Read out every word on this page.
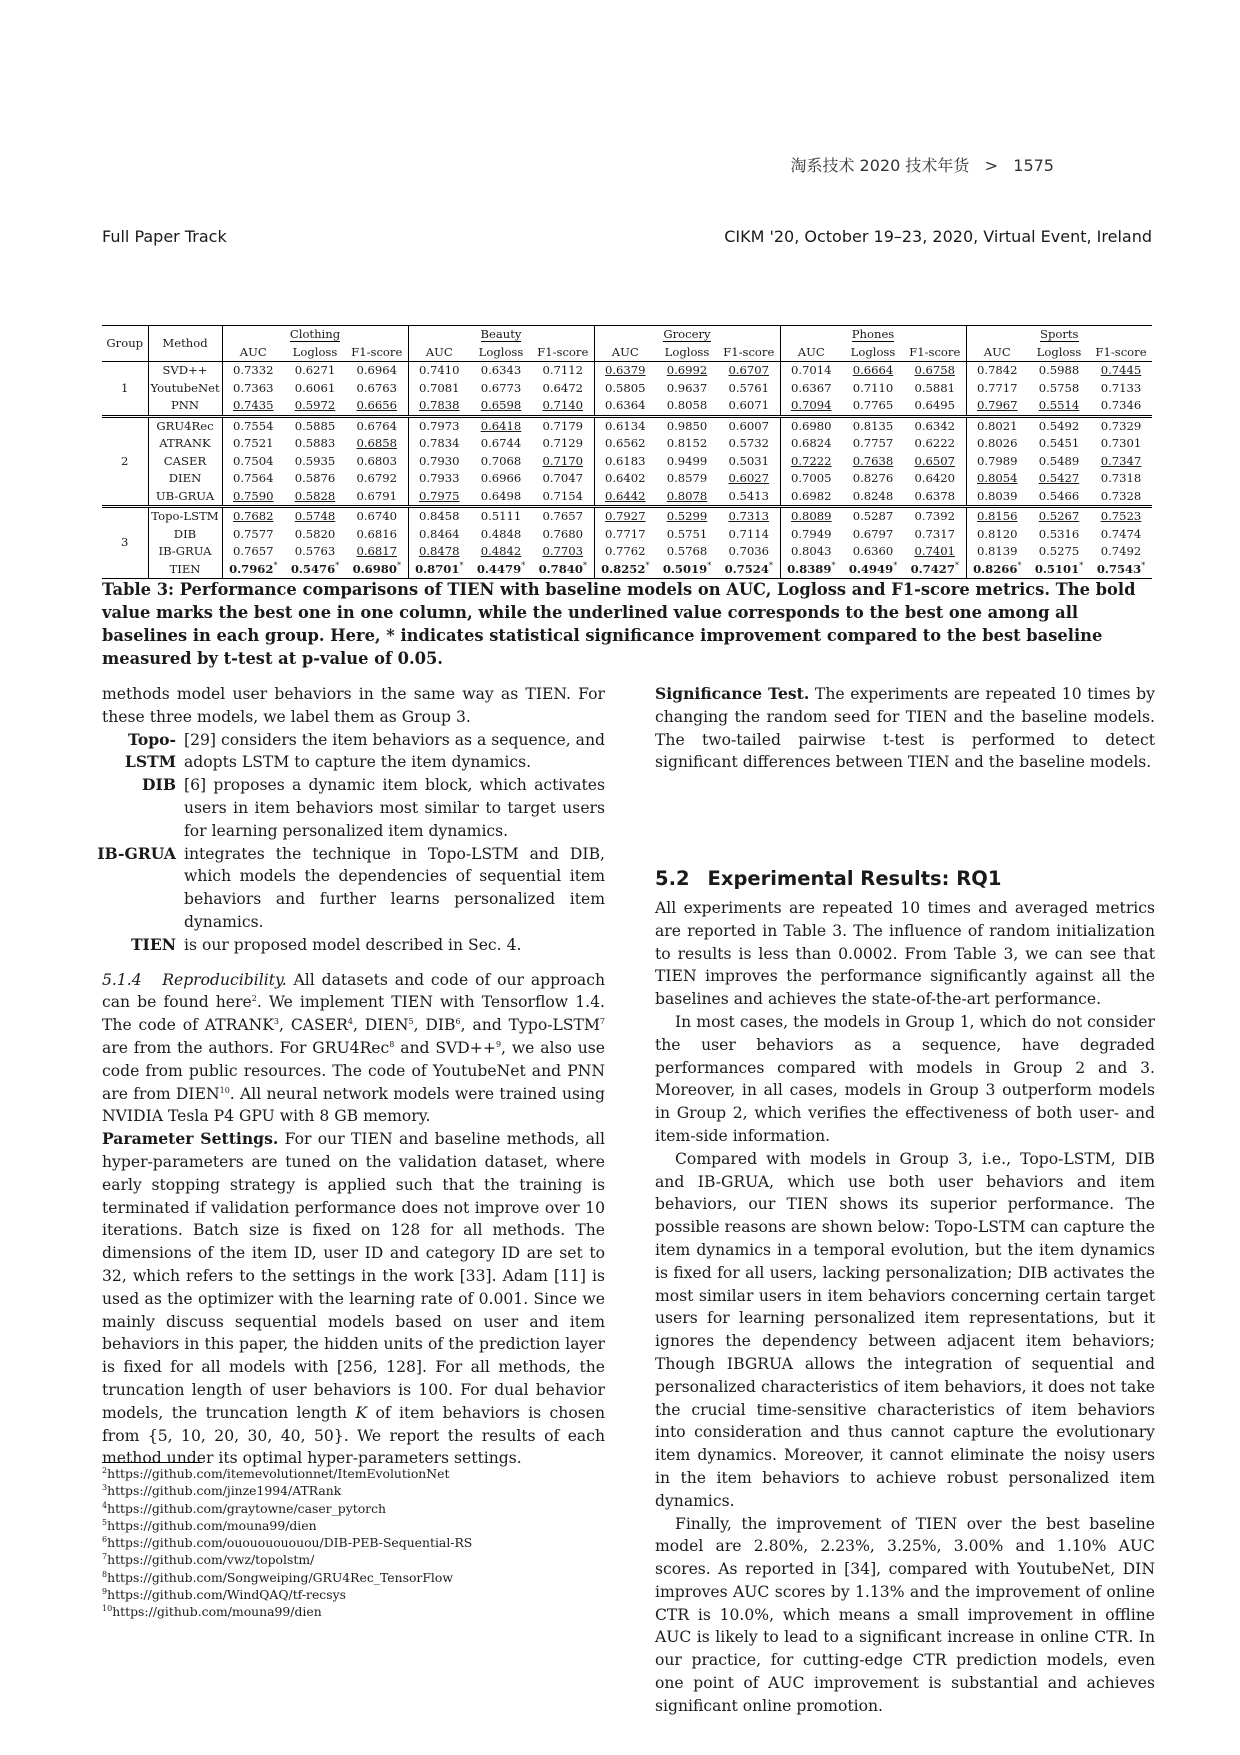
淘系技术 2020 技术年货   >   1575
Full Paper Track	CIKM '20, October 19–23, 2020, Virtual Event, Ireland
Group	Method	Clothing			Beauty			Grocery			Phones			Sports		
		AUC	Logloss	F1-score	AUC	Logloss	F1-score	AUC	Logloss	F1-score	AUC	Logloss	F1-score	AUC	Logloss	F1-score
1	SVD++	0.7332	0.6271	0.6964	0.7410	0.6343	0.7112	0.6379	0.6992	0.6707	0.7014	0.6664	0.6758	0.7842	0.5988	0.7445
	YoutubeNet	0.7363	0.6061	0.6763	0.7081	0.6773	0.6472	0.5805	0.9637	0.5761	0.6367	0.7110	0.5881	0.7717	0.5758	0.7133
	PNN	0.7435	0.5972	0.6656	0.7838	0.6598	0.7140	0.6364	0.8058	0.6071	0.7094	0.7765	0.6495	0.7967	0.5514	0.7346
2	GRU4Rec	0.7554	0.5885	0.6764	0.7973	0.6418	0.7179	0.6134	0.9850	0.6007	0.6980	0.8135	0.6342	0.8021	0.5492	0.7329
	ATRANK	0.7521	0.5883	0.6858	0.7834	0.6744	0.7129	0.6562	0.8152	0.5732	0.6824	0.7757	0.6222	0.8026	0.5451	0.7301
	CASER	0.7504	0.5935	0.6803	0.7930	0.7068	0.7170	0.6183	0.9499	0.5031	0.7222	0.7638	0.6507	0.7989	0.5489	0.7347
	DIEN	0.7564	0.5876	0.6792	0.7933	0.6966	0.7047	0.6402	0.8579	0.6027	0.7005	0.8276	0.6420	0.8054	0.5427	0.7318
	UB-GRUA	0.7590	0.5828	0.6791	0.7975	0.6498	0.7154	0.6442	0.8078	0.5413	0.6982	0.8248	0.6378	0.8039	0.5466	0.7328
3	Topo-LSTM	0.7682	0.5748	0.6740	0.8458	0.5111	0.7657	0.7927	0.5299	0.7313	0.8089	0.5287	0.7392	0.8156	0.5267	0.7523
	DIB	0.7577	0.5820	0.6816	0.8464	0.4848	0.7680	0.7717	0.5751	0.7114	0.7949	0.6797	0.7317	0.8120	0.5316	0.7474
	IB-GRUA	0.7657	0.5763	0.6817	0.8478	0.4842	0.7703	0.7762	0.5768	0.7036	0.8043	0.6360	0.7401	0.8139	0.5275	0.7492
	TIEN	0.7962*	0.5476*	0.6980*	0.8701*	0.4479*	0.7840*	0.8252*	0.5019*	0.7524*	0.8389*	0.4949*	0.7427*	0.8266*	0.5101*	0.7543*
Table 3: Performance comparisons of TIEN with baseline models on AUC, Logloss and F1-score metrics. The bold value marks the best one in one column, while the underlined value corresponds to the best one among all baselines in each group. Here, * indicates statistical significance improvement compared to the best baseline measured by t-test at p-value of 0.05.

methods model user behaviors in the same way as TIEN. For these three models, we label them as Group 3.

Topo-LSTM
[29] considers the item behaviors as a sequence, and adopts LSTM to capture the item dynamics.
DIB [6] proposes a dynamic item block, which activates users in item behaviors most similar to target users for learning personalized item dynamics.
IB-GRUA integrates the technique in Topo-LSTM and DIB, which models the dependencies of sequential item behaviors and further learns personalized item dynamics.
TIEN is our proposed model described in Sec. 4.

5.1.4 Reproducibility. All datasets and code of our approach can be found here$^2$. We implement TIEN with Tensorflow 1.4. The code of ATRANK$^3$, CASER$^4$, DIEN$^5$, DIB$^6$, and Typo-LSTM$^7$ are from the authors. For GRU4Rec$^8$ and SVD++$^9$, we also use code from public resources. The code of YoutubeNet and PNN are from DIEN$^{10}$. All neural network models were trained using NVIDIA Tesla P4 GPU with 8 GB memory.

Parameter Settings. For our TIEN and baseline methods, all hyper-parameters are tuned on the validation dataset, where early stopping strategy is applied such that the training is terminated if validation performance does not improve over 10 iterations. Batch size is fixed on 128 for all methods. The dimensions of the item ID, user ID and category ID are set to 32, which refers to the settings in the work [33]. Adam [11] is used as the optimizer with the learning rate of 0.001. Since we mainly discuss sequential models based on user and item behaviors in this paper, the hidden units of the prediction layer is fixed for all models with [256, 128]. For all methods, the truncation length of user behaviors is 100. For dual behavior models, the truncation length K of item behaviors is chosen from {5, 10, 20, 30, 40, 50}. We report the results of each method under its optimal hyper-parameters settings.

$^2$https://github.com/itemevolutionnet/ItemEvolutionNet
$^3$https://github.com/jinze1994/ATRank
$^4$https://github.com/graytowne/caser_pytorch
$^5$https://github.com/mouna99/dien
$^6$https://github.com/ouououououou/DIB-PEB-Sequential-RS
$^7$https://github.com/vwz/topolstm/
$^8$https://github.com/Songweiping/GRU4Rec_TensorFlow
$^9$https://github.com/WindQAQ/tf-recsys
$^{10}$https://github.com/mouna99/dien

Significance Test. The experiments are repeated 10 times by changing the random seed for TIEN and the baseline models. The two-tailed pairwise t-test is performed to detect significant differences between TIEN and the baseline models.

5.2 Experimental Results: RQ1

All experiments are repeated 10 times and averaged metrics are reported in Table 3. The influence of random initialization to results is less than 0.0002. From Table 3, we can see that TIEN improves the performance significantly against all the baselines and achieves the state-of-the-art performance.

In most cases, the models in Group 1, which do not consider the user behaviors as a sequence, have degraded performances compared with models in Group 2 and 3. Moreover, in all cases, models in Group 3 outperform models in Group 2, which verifies the effectiveness of both user- and item-side information.

Compared with models in Group 3, i.e., Topo-LSTM, DIB and IB-GRUA, which use both user behaviors and item behaviors, our TIEN shows its superior performance. The possible reasons are shown below: Topo-LSTM can capture the item dynamics in a temporal evolution, but the item dynamics is fixed for all users, lacking personalization; DIB activates the most similar users in item behaviors concerning certain target users for learning personalized item representations, but it ignores the dependency between adjacent item behaviors; Though IBGRUA allows the integration of sequential and personalized characteristics of item behaviors, it does not take the crucial time-sensitive characteristics of item behaviors into consideration and thus cannot capture the evolutionary item dynamics. Moreover, it cannot eliminate the noisy users in the item behaviors to achieve robust personalized item dynamics.

Finally, the improvement of TIEN over the best baseline model are 2.80%, 2.23%, 3.25%, 3.00% and 1.10% AUC scores. As reported in [34], compared with YoutubeNet, DIN improves AUC scores by 1.13% and the improvement of online CTR is 10.0%, which means a small improvement in offline AUC is likely to lead to a significant increase in online CTR. In our practice, for cutting-edge CTR prediction models, even one point of AUC improvement is substantial and achieves significant online promotion.
